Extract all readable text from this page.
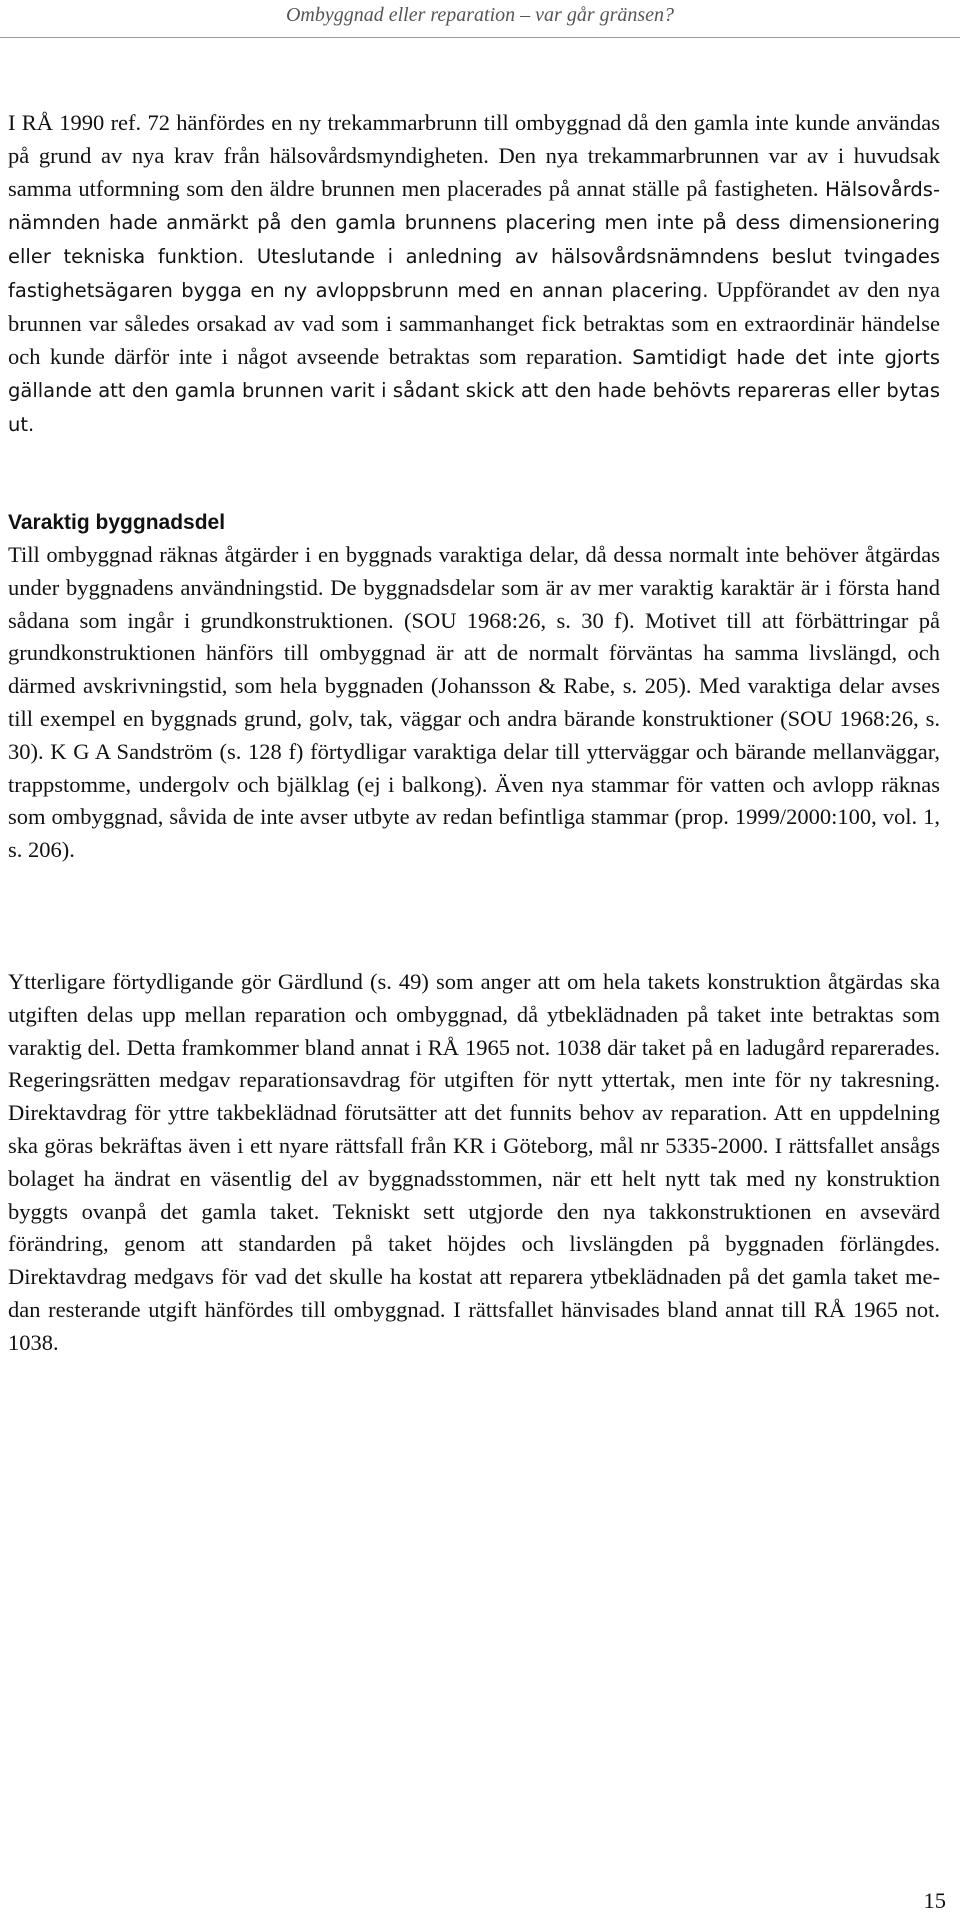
Ombyggnad eller reparation – var går gränsen?

I RÅ 1990 ref. 72 hänfördes en ny trekammarbrunn till ombyggnad då den gamla inte kunde användas på grund av nya krav från hälsovårdsmyndigheten. Den nya trekammarbrunnen var av i huvudsak samma utformning som den äldre brunnen men placerades på annat ställe på fastigheten. Hälsovårdsnämnden hade anmärkt på den gamla brunnens placering men inte på dess dimensionering eller tekniska funktion. Uteslutande i anledning av hälsovårdsnämndens beslut tvingades fastighetsägaren bygga en ny avloppsbrunn med en annan placering. Uppförandet av den nya brunnen var således orsakad av vad som i sammanhanget fick betraktas som en extraordinär händelse och kunde därför inte i något avseende betraktas som reparation. Samtidigt hade det inte gjorts gällande att den gamla brunnen varit i sådant skick att den hade behövts repareras eller bytas ut.

Varaktig byggnadsdel

Till ombyggnad räknas åtgärder i en byggnads varaktiga delar, då dessa normalt inte behöver åtgärdas under byggnadens användningstid. De byggnadsdelar som är av mer varaktig karaktär är i första hand sådana som ingår i grundkonstruktionen. (SOU 1968:26, s. 30 f). Motivet till att förbättringar på grundkonstruktionen hänförs till ombyggnad är att de normalt förväntas ha samma livslängd, och därmed avskrivningstid, som hela byggnaden (Johansson & Rabe, s. 205). Med varaktiga delar avses till exempel en byggnads grund, golv, tak, väggar och andra bärande konstruktioner (SOU 1968:26, s. 30). K G A Sandström (s. 128 f) förtydligar varaktiga delar till ytterväggar och bärande mellanväggar, trappstomme, undergolv och bjälklag (ej i balkong). Även nya stammar för vatten och avlopp räknas som ombyggnad, såvida de inte avser utbyte av redan befintliga stammar (prop. 1999/2000:100, vol. 1, s. 206).

Ytterligare förtydligande gör Gärdlund (s. 49) som anger att om hela takets konstruktion åtgärdas ska utgiften delas upp mellan reparation och ombyggnad, då ytbeklädnaden på taket inte betraktas som varaktig del. Detta framkommer bland annat i RÅ 1965 not. 1038 där taket på en ladugård reparerades. Regeringsrätten medgav reparationsavdrag för utgiften för nytt yttertak, men inte för ny takresning. Direktavdrag för yttre takbeklädnad förutsätter att det funnits behov av reparation. Att en uppdelning ska göras bekräftas även i ett nyare rättsfall från KR i Göteborg, mål nr 5335-2000. I rättsfallet ansågs bolaget ha ändrat en väsentlig del av byggnadsstommen, när ett helt nytt tak med ny konstruktion byggts ovanpå det gamla taket. Tekniskt sett utgjorde den nya takkonstruktionen en avsevärd förändring, genom att standarden på taket höjdes och livslängden på byggnaden förlängdes. Direktavdrag medgavs för vad det skulle ha kostat att reparera ytbeklädnaden på det gamla taket medan resterande utgift hänfördes till ombyggnad. I rättsfallet hänvisades bland annat till RÅ 1965 not. 1038.

15
